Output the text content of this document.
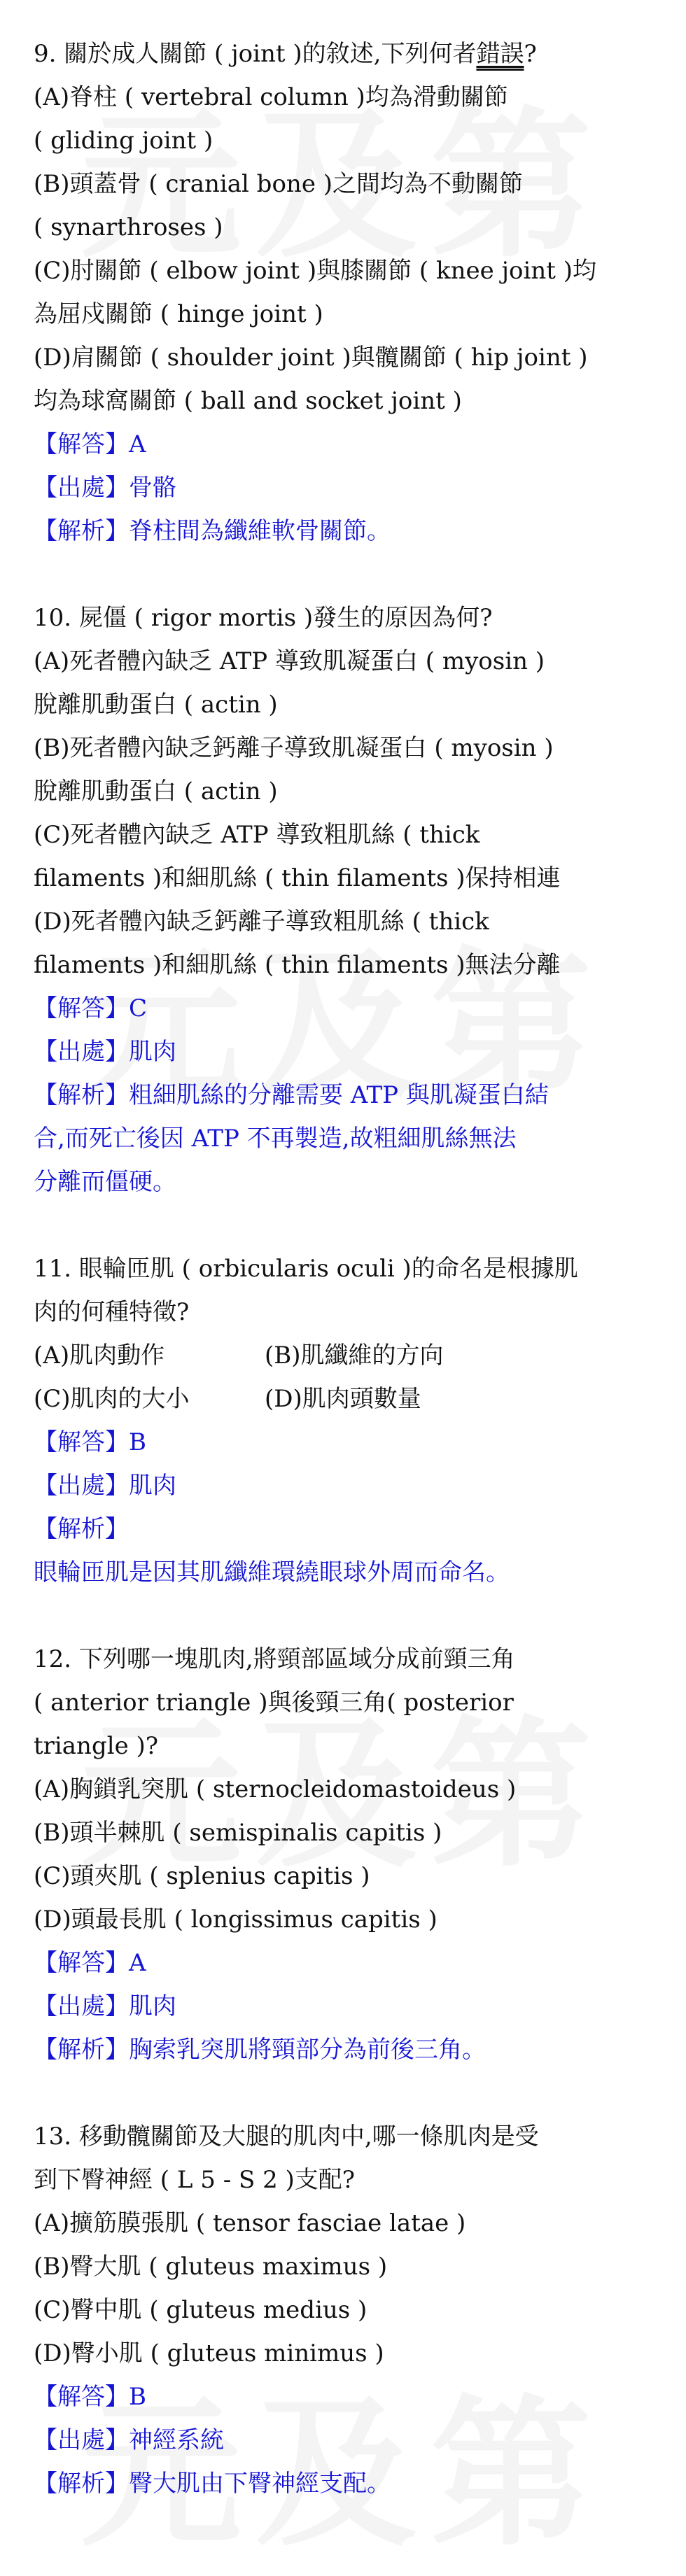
9. 關於成人關節 ( joint )的敘述,下列何者錯誤?
(A)脊柱 ( vertebral column )均為滑動關節
( gliding joint )
(B)頭蓋骨 ( cranial bone )之間均為不動關節
( synarthroses )
(C)肘關節 ( elbow joint )與膝關節 ( knee joint )均
為屈戍關節 ( hinge joint )
(D)肩關節 ( shoulder joint )與髖關節 ( hip joint )
均為球窩關節 ( ball and socket joint )
【解答】A
【出處】骨骼
【解析】脊柱間為纖維軟骨關節。
10. 屍僵 ( rigor mortis )發生的原因為何?
(A)死者體內缺乏 ATP 導致肌凝蛋白 ( myosin )
脫離肌動蛋白 ( actin )
(B)死者體內缺乏鈣離子導致肌凝蛋白 ( myosin )
脫離肌動蛋白 ( actin )
(C)死者體內缺乏 ATP 導致粗肌絲 ( thick
filaments )和細肌絲 ( thin filaments )保持相連
(D)死者體內缺乏鈣離子導致粗肌絲 ( thick
filaments )和細肌絲 ( thin filaments )無法分離
【解答】C
【出處】肌肉
【解析】粗細肌絲的分離需要 ATP 與肌凝蛋白結
合,而死亡後因 ATP 不再製造,故粗細肌絲無法
分離而僵硬。
11. 眼輪匝肌 ( orbicularis oculi )的命名是根據肌
肉的何種特徵?
(A)肌肉動作	(B)肌纖維的方向
(C)肌肉的大小	(D)肌肉頭數量
【解答】B
【出處】肌肉
【解析】
眼輪匝肌是因其肌纖維環繞眼球外周而命名。
12. 下列哪一塊肌肉,將頸部區域分成前頸三角
( anterior triangle )與後頸三角( posterior
triangle )?
(A)胸鎖乳突肌 ( sternocleidomastoideus )
(B)頭半棘肌 ( semispinalis capitis )
(C)頭夾肌 ( splenius capitis )
(D)頭最長肌 ( longissimus capitis )
【解答】A
【出處】肌肉
【解析】胸索乳突肌將頸部分為前後三角。
13. 移動髖關節及大腿的肌肉中,哪一條肌肉是受
到下臀神經 ( L 5 - S 2 )支配?
(A)擴筋膜張肌 ( tensor fasciae latae )
(B)臀大肌 ( gluteus maximus )
(C)臀中肌 ( gluteus medius )
(D)臀小肌 ( gluteus minimus )
【解答】B
【出處】神經系統
【解析】臀大肌由下臀神經支配。
